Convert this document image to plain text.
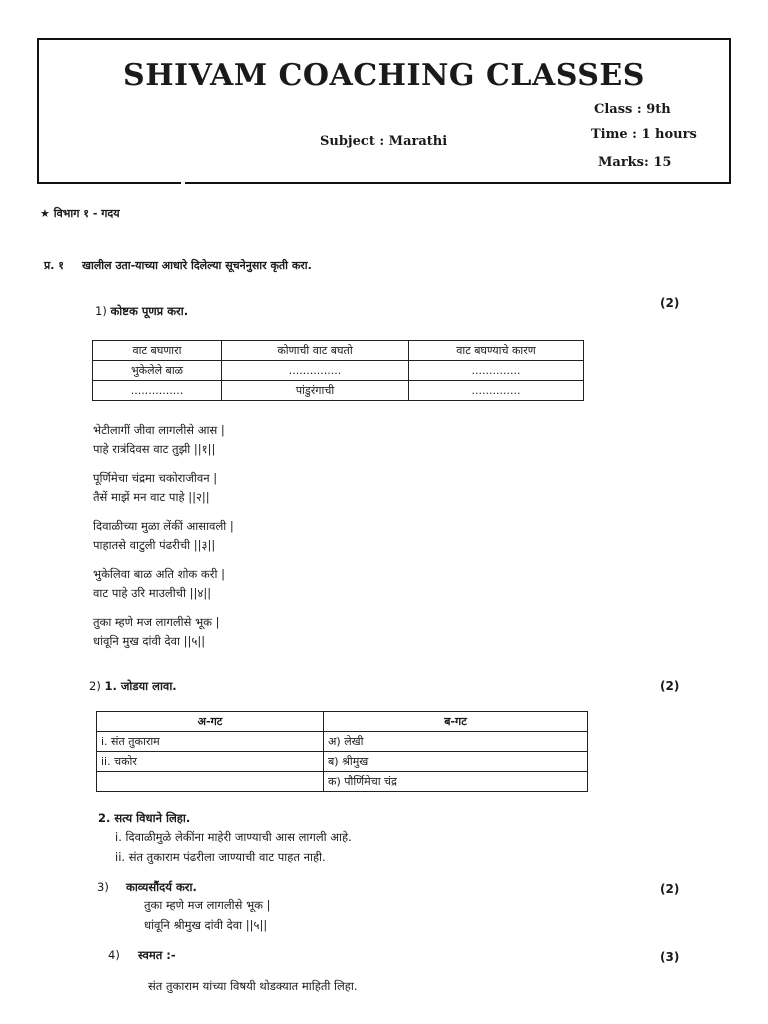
SHIVAM COACHING CLASSES
Subject : Marathi
Class : 9th
Time : 1 hours
Marks: 15
★ विभाग १ - गदय
प्र. १ खालील उता-याच्या आधारे दिलेल्या सूचनेनुसार कृती करा.
1) कोष्टक पूणप्र करा.
(2)
वाट बघणारा	कोणाची वाट बघतो	वाट बघण्याचे कारण
भुकेलेले बाळ	...............	..............
...............	पांडुरंगाची	..............
भेटीलागीं जीवा लागलीसे आस |
पाहे रात्रंदिवस वाट तुझी ||१||
पूर्णिमेचा चंद्रमा चकोराजीवन |
तैसें माझें मन वाट पाहे ||२||
दिवाळीच्या मुळा लेंकीं आसावली |
पाहातसे वाटुली पंढरीची ||३||
भुकेलिवा बाळ अति शोक करी |
वाट पाहे उरि माउलीची ||४||
तुका म्हणे मज लागलीसे भूक |
धांवूनि मुख दांवी देवा ||५||
2) 1. जोडया लावा.	(2)
अ-गट	ब-गट
i. संत तुकाराम	अ) लेखी
ii. चकोर	ब) श्रीमुख
	क) पौर्णिमेचा चंद्र
2. सत्य विधाने लिहा.
i. दिवाळीमुळे लेकींना माहेरी जाण्याची आस लागली आहे.
ii. संत तुकाराम पंढरीला जाण्याची वाट पाहत नाही.
3) काव्यसौंदर्य करा.	(2)
तुका म्हणे मज लागलीसे भूक |
धांवूनि श्रीमुख दांवी देवा ||५||
4) स्वमत :-	(3)
संत तुकाराम यांच्या विषयी थोडक्यात माहिती लिहा.
